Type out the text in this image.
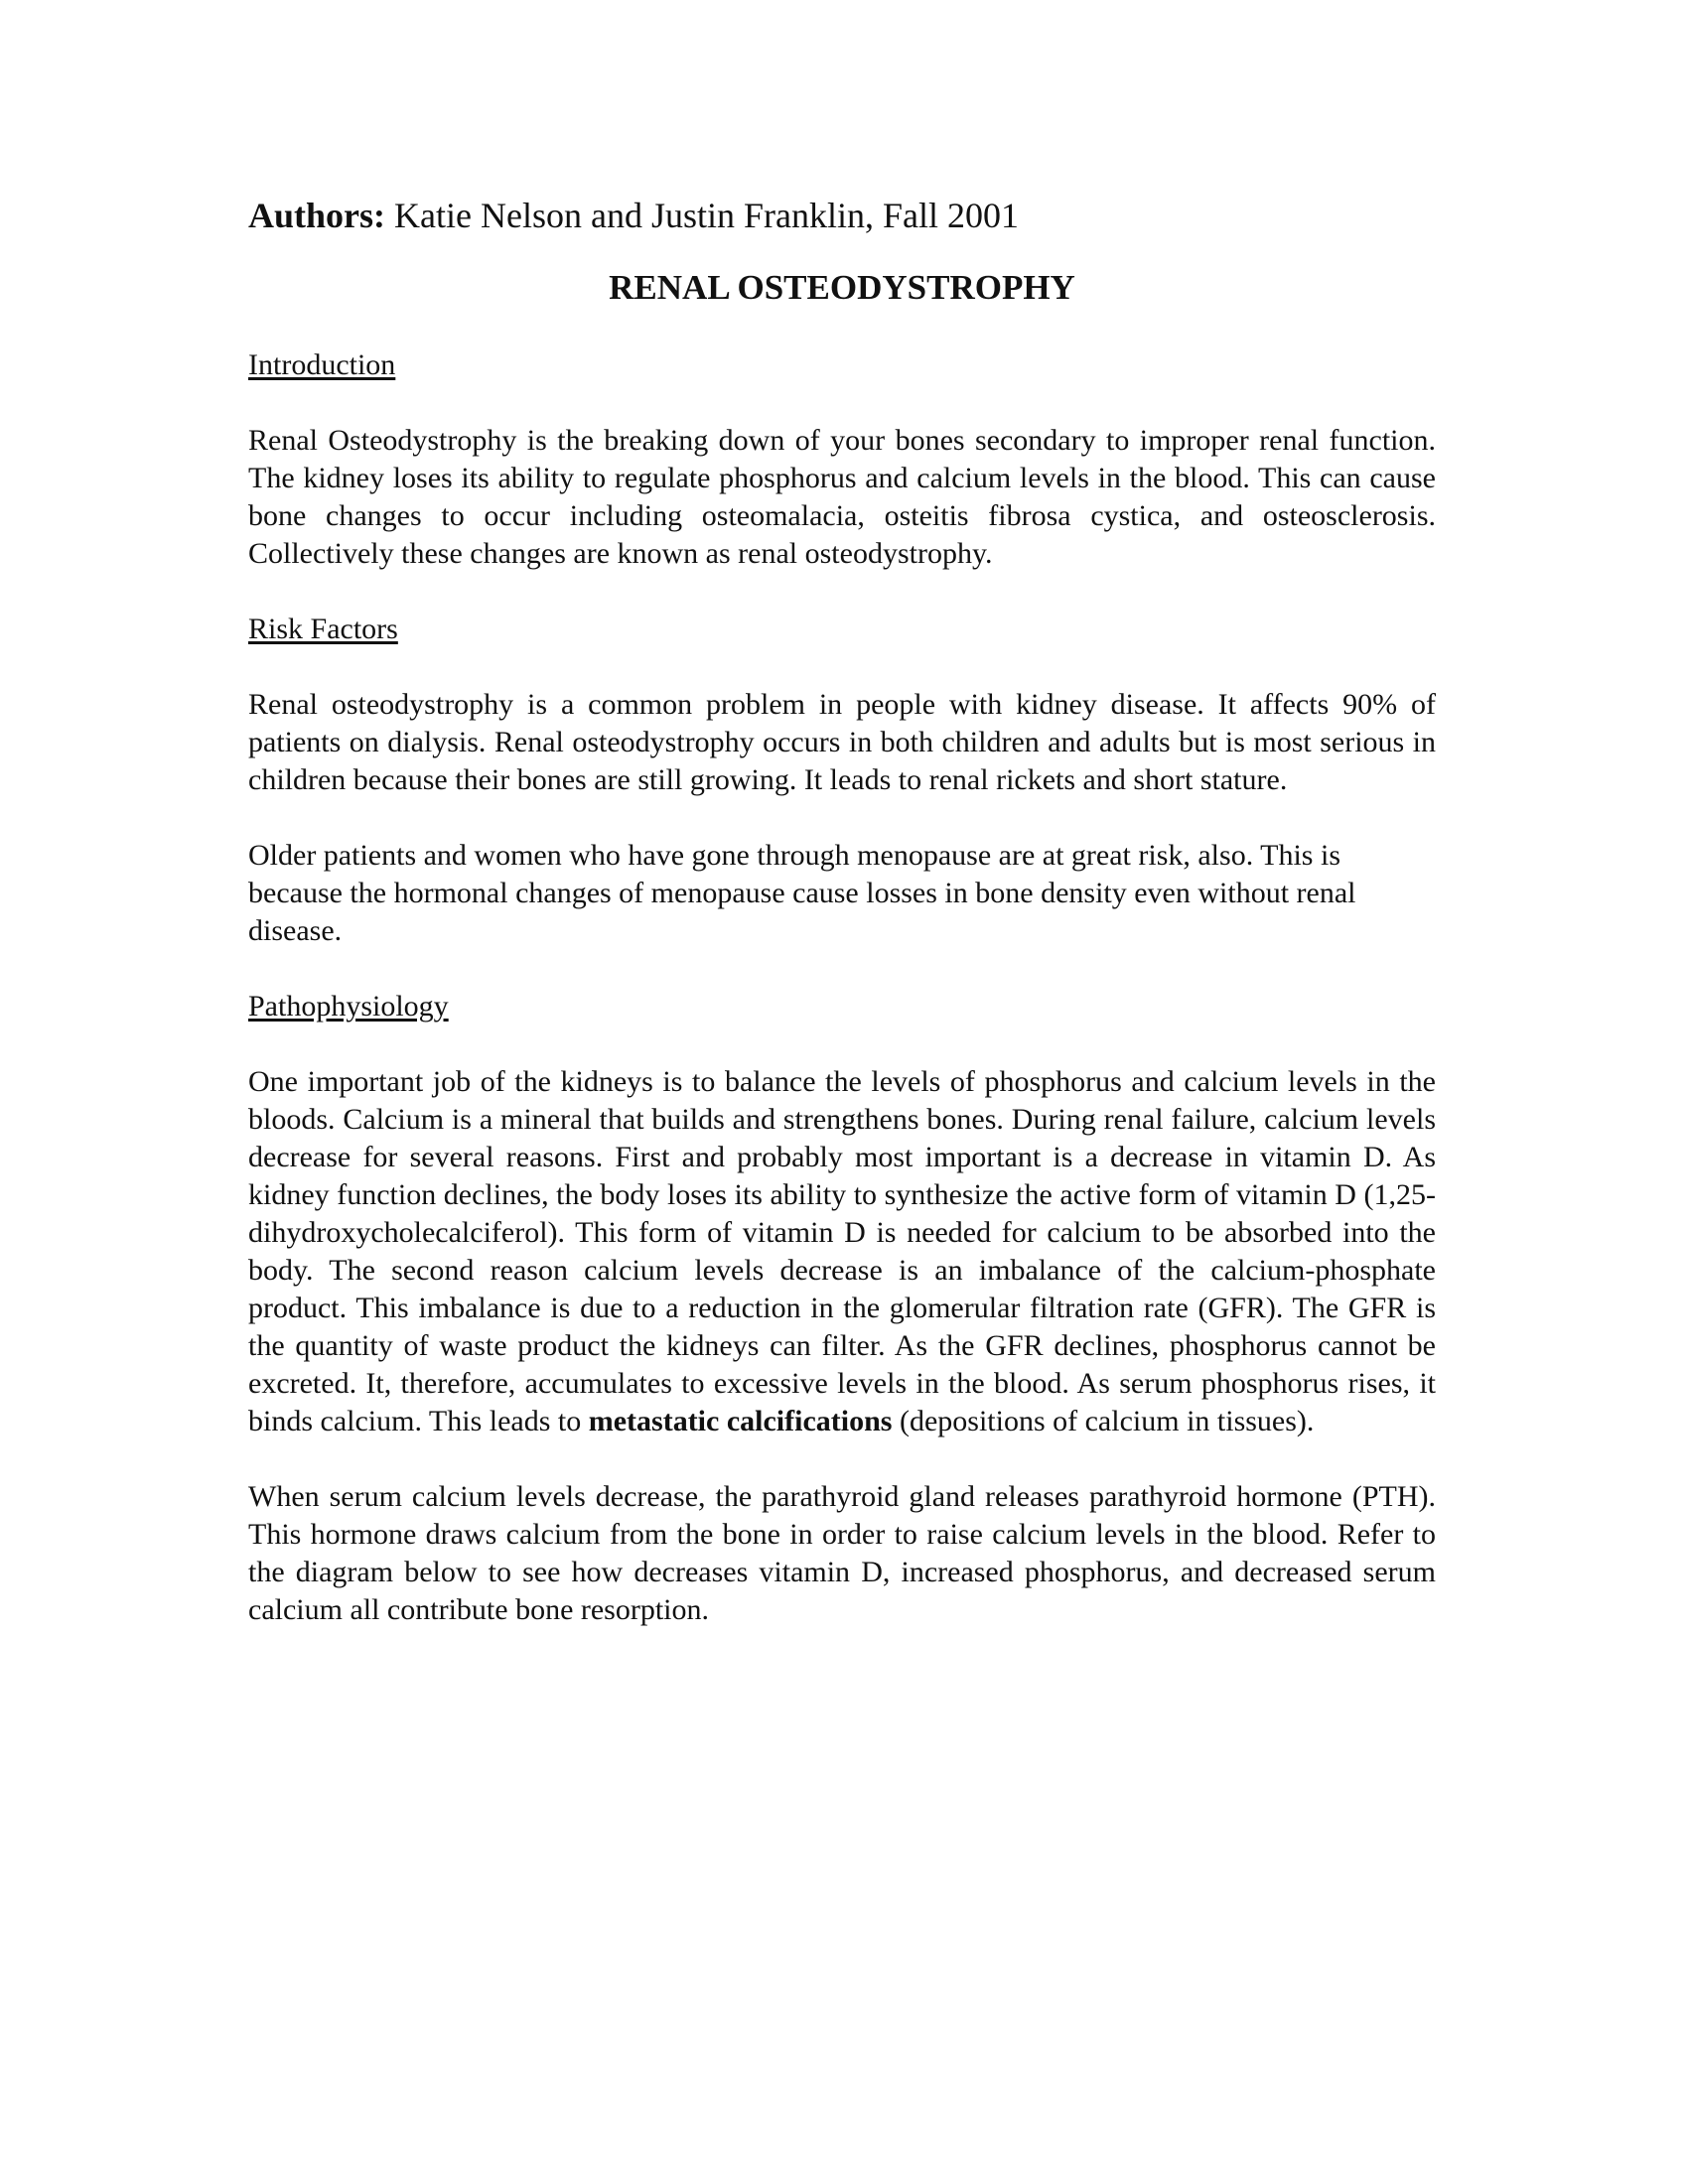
Authors: Katie Nelson and Justin Franklin, Fall 2001
RENAL OSTEODYSTROPHY
Introduction

Renal Osteodystrophy is the breaking down of your bones secondary to improper renal function. The kidney loses its ability to regulate phosphorus and calcium levels in the blood. This can cause bone changes to occur including osteomalacia, osteitis fibrosa cystica, and osteosclerosis. Collectively these changes are known as renal osteodystrophy.

Risk Factors

Renal osteodystrophy is a common problem in people with kidney disease. It affects 90% of patients on dialysis. Renal osteodystrophy occurs in both children and adults but is most serious in children because their bones are still growing. It leads to renal rickets and short stature.

Older patients and women who have gone through menopause are at great risk, also. This is because the hormonal changes of menopause cause losses in bone density even without renal disease.

Pathophysiology

One important job of the kidneys is to balance the levels of phosphorus and calcium levels in the bloods. Calcium is a mineral that builds and strengthens bones. During renal failure, calcium levels decrease for several reasons. First and probably most important is a decrease in vitamin D. As kidney function declines, the body loses its ability to synthesize the active form of vitamin D (1,25-dihydroxycholecalciferol). This form of vitamin D is needed for calcium to be absorbed into the body. The second reason calcium levels decrease is an imbalance of the calcium-phosphate product. This imbalance is due to a reduction in the glomerular filtration rate (GFR). The GFR is the quantity of waste product the kidneys can filter. As the GFR declines, phosphorus cannot be excreted. It, therefore, accumulates to excessive levels in the blood. As serum phosphorus rises, it binds calcium. This leads to metastatic calcifications (depositions of calcium in tissues).

When serum calcium levels decrease, the parathyroid gland releases parathyroid hormone (PTH). This hormone draws calcium from the bone in order to raise calcium levels in the blood. Refer to the diagram below to see how decreases vitamin D, increased phosphorus, and decreased serum calcium all contribute bone resorption.
